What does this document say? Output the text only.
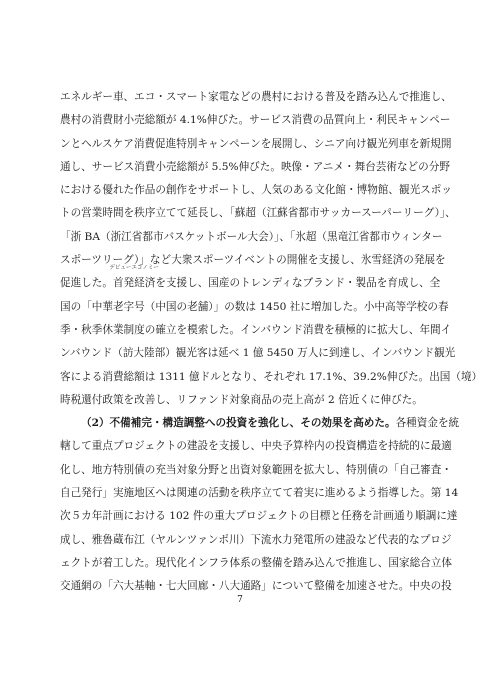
エネルギー車、エコ・スマート家電などの農村における普及を踏み込んで推進し、
農村の消費財小売総額が 4.1%伸びた。サービス消費の品質向上・利民キャンペー
ンとヘルスケア消費促進特別キャンペーンを展開し、シニア向け観光列車を新規開
通し、サービス消費小売総額が 5.5%伸びた。映像・アニメ・舞台芸術などの分野
における優れた作品の創作をサポートし、人気のある文化館・博物館、観光スポッ
トの営業時間を秩序立てて延長し、「蘇超（江蘇省都市サッカースーパーリーグ）」、
「浙 BA（浙江省都市バスケットボール大会）」、「氷超（黒竜江省都市ウィンター
スポーツリーグ）」など大衆スポーツイベントの開催を支援し、氷雪経済の発展を
促進した。
デビューエコノミー
首発経済を支援し、国産のトレンディなブランド・製品を育成し、全
国の「中華老字号（中国の老舗）」の数は 1450 社に増加した。小中高等学校の春
季・秋季休業制度の確立を模索した。インバウンド消費を積極的に拡大し、年間イ
ンバウンド（訪大陸部）観光客は延べ 1 億 5450 万人に到達し、インバウンド観光
客による消費総額は 1311 億ドルとなり、それぞれ 17.1%、39.2%伸びた。出国（境）
時税還付政策を改善し、リファンド対象商品の売上高が 2 倍近くに伸びた。
（2）不備補完・構造調整への投資を強化し、その効果を高めた。各種資金を統
轄して重点プロジェクトの建設を支援し、中央予算枠内の投資構造を持続的に最適
化し、地方特別債の充当対象分野と出資対象範囲を拡大し、特別債の「自己審査・
自己発行」実施地区へは関連の活動を秩序立てて着実に進めるよう指導した。第 14
次５カ年計画における 102 件の重大プロジェクトの目標と任務を計画通り順調に達
成し、雅魯蔵布江（ヤルンツァンポ川）下流水力発電所の建設など代表的なプロジ
ェクトが着工した。現代化インフラ体系の整備を踏み込んで推進し、国家総合立体
交通網の「六大基軸・七大回廊・八大通路」について整備を加速させた。中央の投
7
